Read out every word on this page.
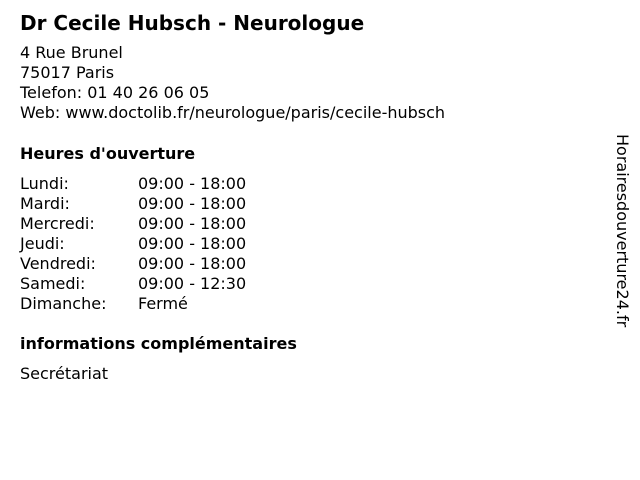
Dr Cecile Hubsch - Neurologue
4 Rue Brunel
75017 Paris
Telefon: 01 40 26 06 05
Web: www.doctolib.fr/neurologue/paris/cecile-hubsch
Heures d'ouverture
Lundi:	09:00 - 18:00
Mardi:	09:00 - 18:00
Mercredi:	09:00 - 18:00
Jeudi:	09:00 - 18:00
Vendredi:	09:00 - 18:00
Samedi:	09:00 - 12:30
Dimanche:	Fermé
informations complémentaires
Secrétariat
Horairesdouverture24.fr
